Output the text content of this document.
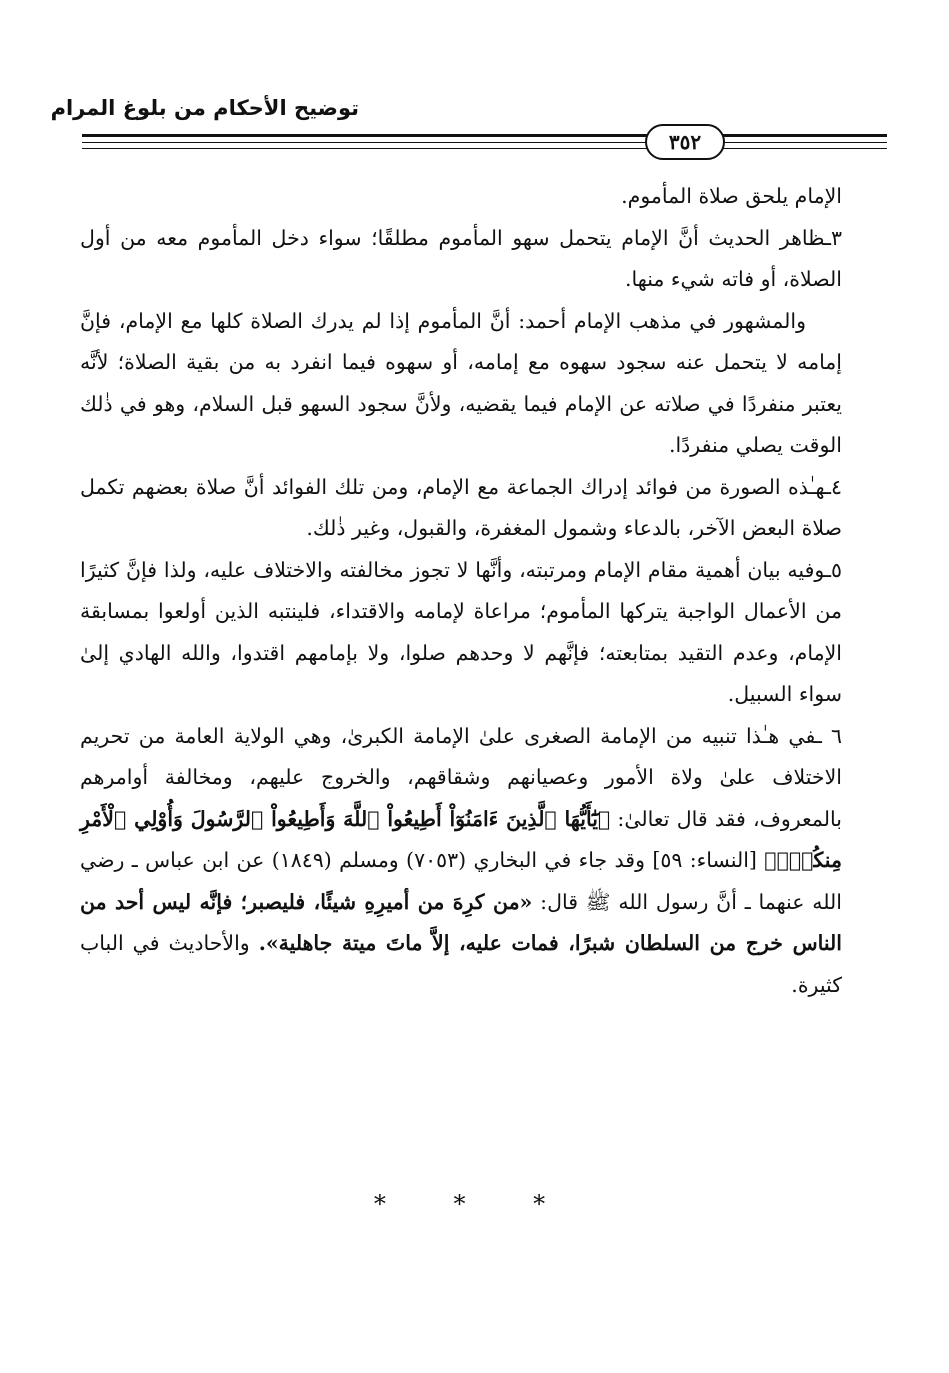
توضيح الأحكام من بلوغ المرام
٣٥٢

الإمام يلحق صلاة المأموم.

٣ـظاهر الحديث أنَّ الإمام يتحمل سهو المأموم مطلقًا؛ سواء دخل المأموم معه من أول الصلاة، أو فاته شيء منها.

والمشهور في مذهب الإمام أحمد: أنَّ المأموم إذا لم يدرك الصلاة كلها مع الإمام، فإنَّ إمامه لا يتحمل عنه سجود سهوه مع إمامه، أو سهوه فيما انفرد به من بقية الصلاة؛ لأنَّه يعتبر منفردًا في صلاته عن الإمام فيما يقضيه، ولأنَّ سجود السهو قبل السلام، وهو في ذٰلك الوقت يصلي منفردًا.

٤ـهـٰذه الصورة من فوائد إدراك الجماعة مع الإمام، ومن تلك الفوائد أنَّ صلاة بعضهم تكمل صلاة البعض الآخر، بالدعاء وشمول المغفرة، والقبول، وغير ذٰلك.

٥ـوفيه بيان أهمية مقام الإمام ومرتبته، وأنَّها لا تجوز مخالفته والاختلاف عليه، ولذا فإنَّ كثيرًا من الأعمال الواجبة يتركها المأموم؛ مراعاة لإمامه والاقتداء، فلينتبه الذين أولعوا بمسابقة الإمام، وعدم التقيد بمتابعته؛ فإنَّهم لا وحدهم صلوا، ولا بإمامهم اقتدوا، والله الهادي إلىٰ سواء السبيل.

٦ ـفي هـٰذا تنبيه من الإمامة الصغرى علىٰ الإمامة الكبرىٰ، وهي الولاية العامة من تحريم الاختلاف علىٰ ولاة الأمور وعصيانهم وشقاقهم، والخروج عليهم، ومخالفة أوامرهم بالمعروف، فقد قال تعالىٰ: ﴿يَٰٓأَيُّهَا ٱلَّذِينَ ءَامَنُوٓاْ أَطِيعُواْ ٱللَّهَ وَأَطِيعُواْ ٱلرَّسُولَ وَأُوْلِي ٱلْأَمْرِ مِنكُمْۖ﴾ [النساء: ٥٩] وقد جاء في البخاري (٧٠٥٣) ومسلم (١٨٤٩) عن ابن عباس ـ رضي الله عنهما ـ أنَّ رسول الله ﷺ قال: «من كرِهَ من أميرِهِ شيئًا، فليصبر؛ فإنَّه ليس أحد من الناس خرج من السلطان شبرًا، فمات عليه، إلاَّ ماتَ ميتة جاهلية». والأحاديث في الباب كثيرة.

* * *
